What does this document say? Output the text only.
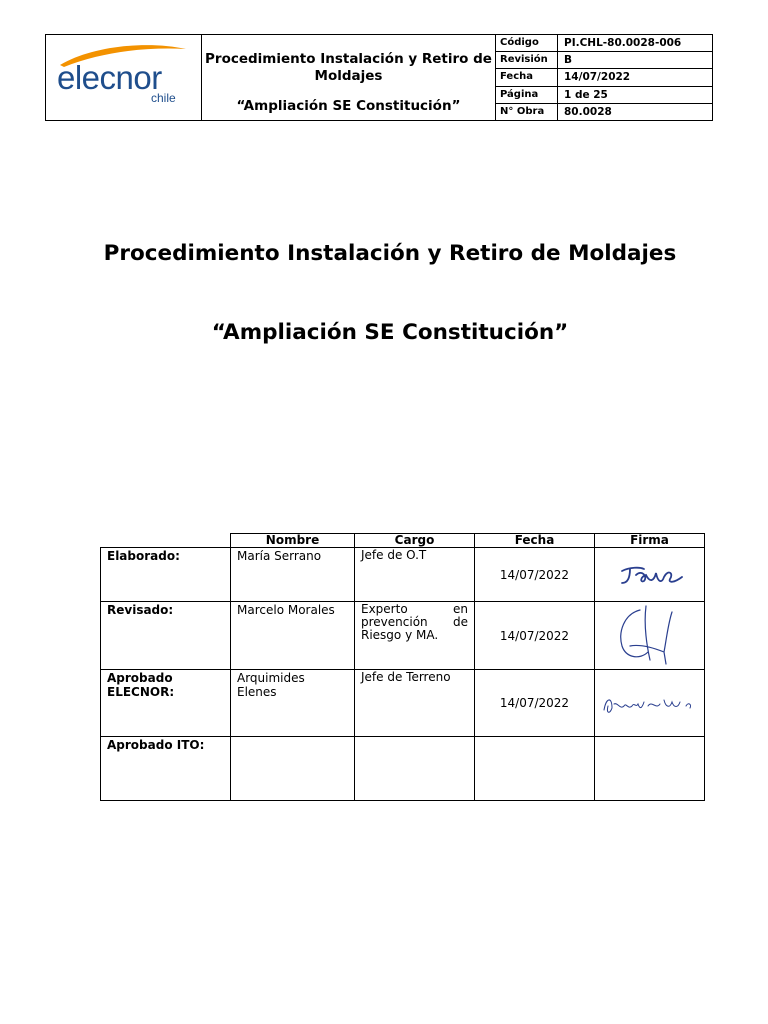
elecnor
chile
Procedimiento Instalación y Retiro de Moldajes
“Ampliación SE Constitución”
Código	PI.CHL-80.0028-006
Revisión	B
Fecha	14/07/2022
Página	1 de 25
N° Obra	80.0028
Procedimiento Instalación y Retiro de Moldajes
“Ampliación SE Constitución”
	Nombre	Cargo	Fecha	Firma
Elaborado:	María Serrano	Jefe de O.T	14/07/2022	
Revisado:	Marcelo Morales	Experto en prevención de Riesgo y MA.	14/07/2022	
Aprobado ELECNOR:	Arquimides Elenes	Jefe de Terreno	14/07/2022	
Aprobado ITO:				
